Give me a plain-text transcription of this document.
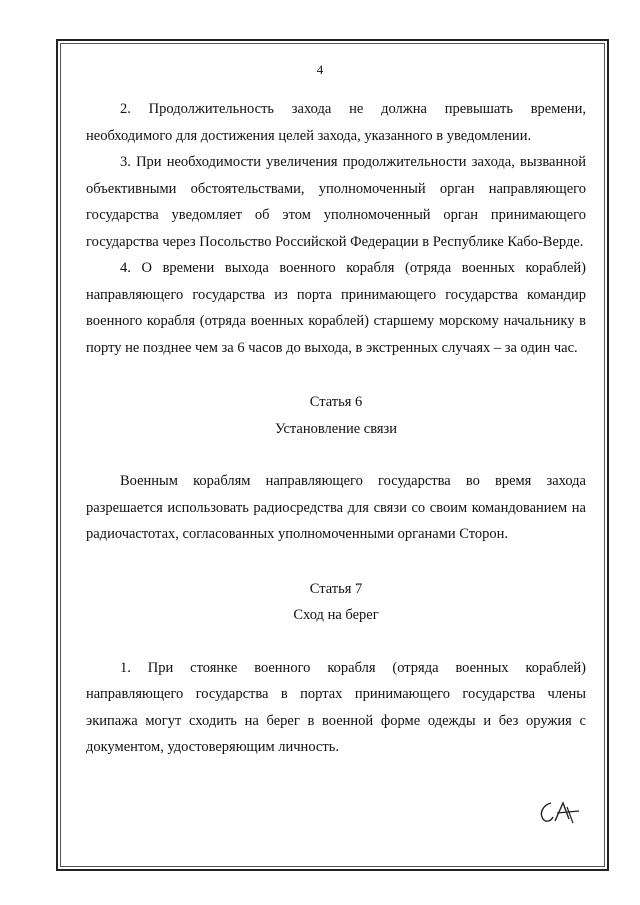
4

2. Продолжительность захода не должна превышать времени, необходимого для достижения целей захода, указанного в уведомлении.

3. При необходимости увеличения продолжительности захода, вызванной объективными обстоятельствами, уполномоченный орган направляющего государства уведомляет об этом уполномоченный орган принимающего государства через Посольство Российской Федерации в Республике Кабо-Верде.

4. О времени выхода военного корабля (отряда военных кораблей) направляющего государства из порта принимающего государства командир военного корабля (отряда военных кораблей) старшему морскому начальнику в порту не позднее чем за 6 часов до выхода, в экстренных случаях – за один час.

Статья 6
Установление связи

Военным кораблям направляющего государства во время захода разрешается использовать радиосредства для связи со своим командованием на радиочастотах, согласованных уполномоченными органами Сторон.

Статья 7
Сход на берег

1. При стоянке военного корабля (отряда военных кораблей) направляющего государства в портах принимающего государства члены экипажа могут сходить на берег в военной форме одежды и без оружия с документом, удостоверяющим личность.
